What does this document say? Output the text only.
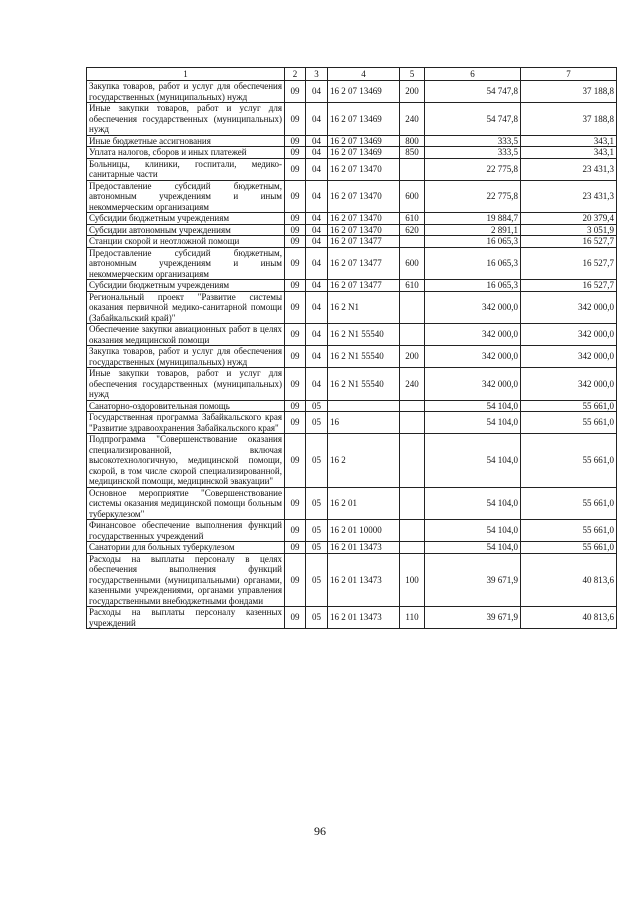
1	2	3	4	5	6	7
Закупка товаров, работ и услуг для обеспечения государственных (муниципальных) нужд	09	04	16 2 07 13469	200	54 747,8	37 188,8
Иные закупки товаров, работ и услуг для обеспечения государственных (муниципальных) нужд	09	04	16 2 07 13469	240	54 747,8	37 188,8
Иные бюджетные ассигнования	09	04	16 2 07 13469	800	333,5	343,1
Уплата налогов, сборов и иных платежей	09	04	16 2 07 13469	850	333,5	343,1
Больницы, клиники, госпитали, медико-санитарные части	09	04	16 2 07 13470		22 775,8	23 431,3
Предоставление субсидий бюджетным, автономным учреждениям и иным некоммерческим организациям	09	04	16 2 07 13470	600	22 775,8	23 431,3
Субсидии бюджетным учреждениям	09	04	16 2 07 13470	610	19 884,7	20 379,4
Субсидии автономным учреждениям	09	04	16 2 07 13470	620	2 891,1	3 051,9
Станции скорой и неотложной помощи	09	04	16 2 07 13477		16 065,3	16 527,7
Предоставление субсидий бюджетным, автономным учреждениям и иным некоммерческим организациям	09	04	16 2 07 13477	600	16 065,3	16 527,7
Субсидии бюджетным учреждениям	09	04	16 2 07 13477	610	16 065,3	16 527,7
Региональный проект "Развитие системы оказания первичной медико-санитарной помощи (Забайкальский край)"	09	04	16 2 N1		342 000,0	342 000,0
Обеспечение закупки авиационных работ в целях оказания медицинской помощи	09	04	16 2 N1 55540		342 000,0	342 000,0
Закупка товаров, работ и услуг для обеспечения государственных (муниципальных) нужд	09	04	16 2 N1 55540	200	342 000,0	342 000,0
Иные закупки товаров, работ и услуг для обеспечения государственных (муниципальных) нужд	09	04	16 2 N1 55540	240	342 000,0	342 000,0
Санаторно-оздоровительная помощь	09	05			54 104,0	55 661,0
Государственная программа Забайкальского края "Развитие здравоохранения Забайкальского края"	09	05	16		54 104,0	55 661,0
Подпрограмма "Совершенствование оказания специализированной, включая высокотехнологичную, медицинской помощи, скорой, в том числе скорой специализированной, медицинской помощи, медицинской эвакуации"	09	05	16 2		54 104,0	55 661,0
Основное мероприятие "Совершенствование системы оказания медицинской помощи больным туберкулезом"	09	05	16 2 01		54 104,0	55 661,0
Финансовое обеспечение выполнения функций государственных учреждений	09	05	16 2 01 10000		54 104,0	55 661,0
Санатории для больных туберкулезом	09	05	16 2 01 13473		54 104,0	55 661,0
Расходы на выплаты персоналу в целях обеспечения выполнения функций государственными (муниципальными) органами, казенными учреждениями, органами управления государственными внебюджетными фондами	09	05	16 2 01 13473	100	39 671,9	40 813,6
Расходы на выплаты персоналу казенных учреждений	09	05	16 2 01 13473	110	39 671,9	40 813,6
96
